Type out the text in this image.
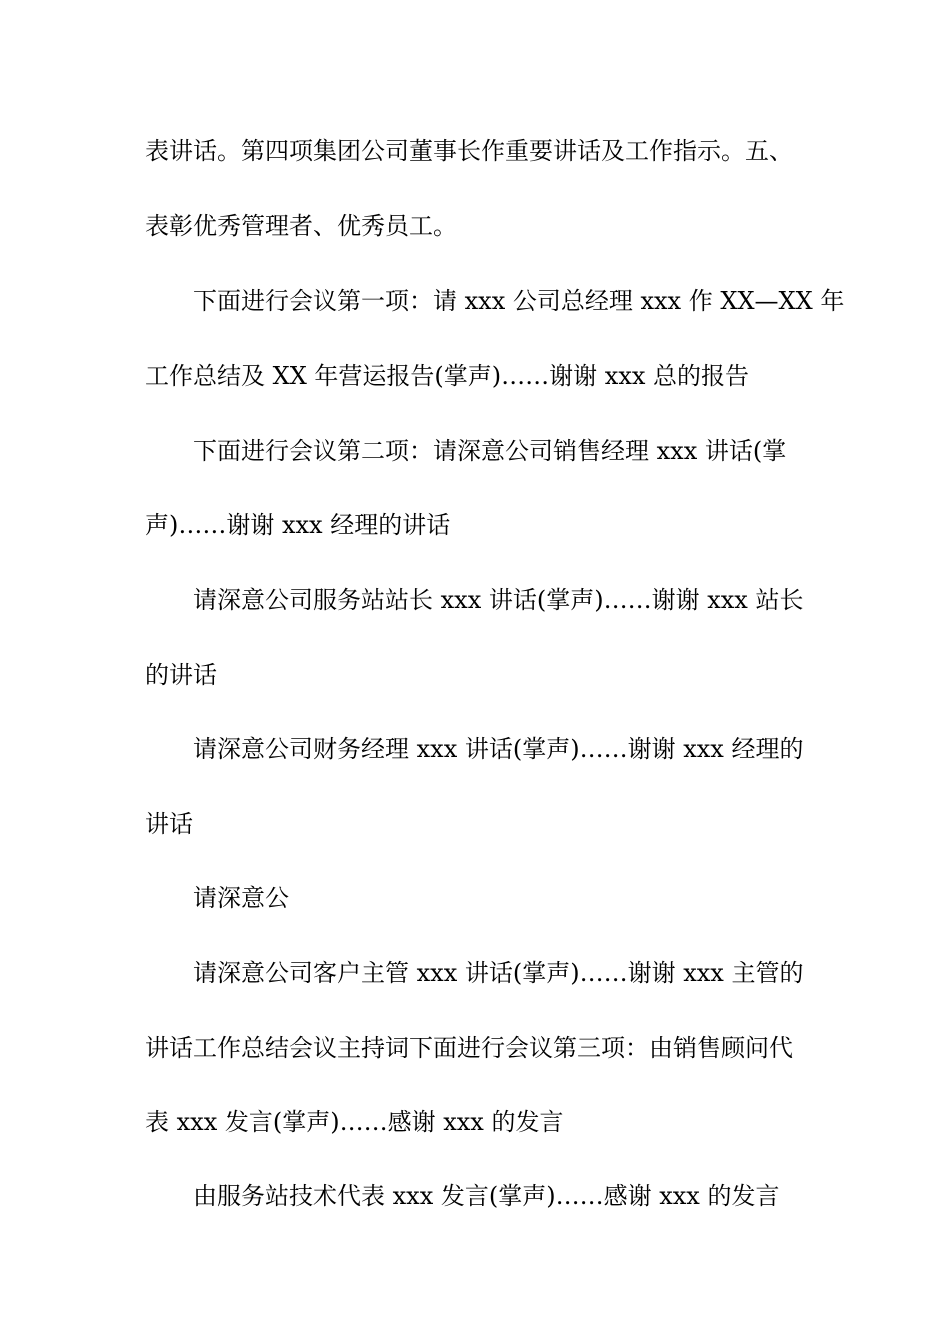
表讲话。第四项集团公司董事长作重要讲话及工作指示。五、
表彰优秀管理者、优秀员工。
下面进行会议第一项：请 xxx 公司总经理 xxx 作 XX—XX 年
工作总结及 XX 年营运报告(掌声)……谢谢 xxx 总的报告
下面进行会议第二项：请深意公司销售经理 xxx 讲话(掌
声)……谢谢 xxx 经理的讲话
请深意公司服务站站长 xxx 讲话(掌声)……谢谢 xxx 站长
的讲话
请深意公司财务经理 xxx 讲话(掌声)……谢谢 xxx 经理的
讲话
请深意公
请深意公司客户主管 xxx 讲话(掌声)……谢谢 xxx 主管的
讲话工作总结会议主持词下面进行会议第三项：由销售顾问代
表 xxx 发言(掌声)……感谢 xxx 的发言
由服务站技术代表 xxx 发言(掌声)……感谢 xxx 的发言
